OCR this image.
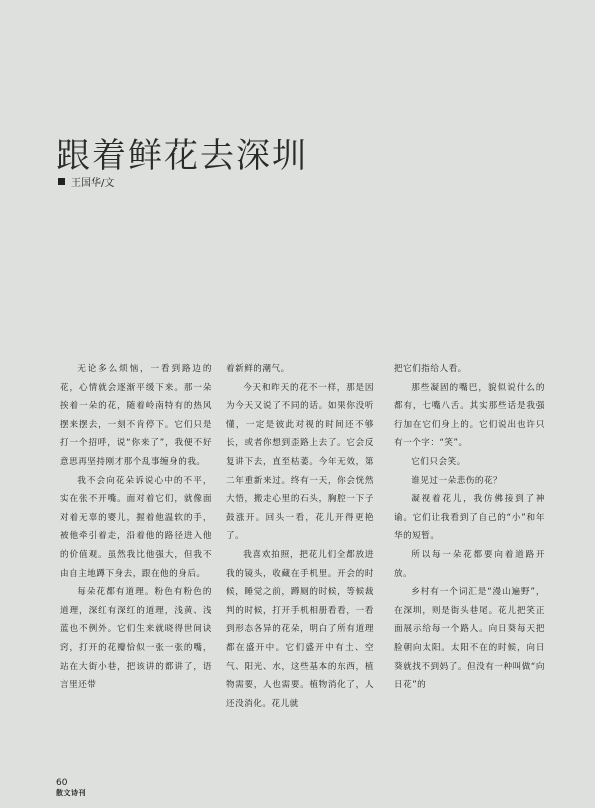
跟着鲜花去深圳
王国华/文

无论多么烦恼，一看到路边的花，心情就会逐渐平缓下来。那一朵挨着一朵的花，随着岭南特有的热风摆来摆去，一刻不肯停下。它们只是打一个招呼，说“你来了”，我便不好意思再坚持刚才那个乱事缠身的我。

我不会向花朵诉说心中的不平，实在张不开嘴。面对着它们，就像面对着无辜的婴儿，握着他温软的手，被他牵引着走，沿着他的路径进入他的价值观。虽然我比他强大，但我不由自主地蹲下身去，跟在他的身后。

每朵花都有道理。粉色有粉色的道理，深红有深红的道理，浅黄、浅蓝也不例外。它们生来就晓得世间诀窍，打开的花瓣恰似一张一张的嘴，站在大街小巷，把该讲的都讲了，语言里还带

着新鲜的潮气。

今天和昨天的花不一样，那是因为今天又说了不同的话。如果你没听懂，一定是彼此对视的时间还不够长，或者你想到歪路上去了。它会反复讲下去，直至枯萎。今年无效，第二年重新来过。终有一天，你会恍然大悟，搬走心里的石头，胸腔一下子鼓涨开。回头一看，花儿开得更艳了。

我喜欢拍照，把花儿们全都放进我的镜头，收藏在手机里。开会的时候，睡觉之前，蹲厕的时候，等候裁判的时候，打开手机相册看看，一看到形态各异的花朵，明白了所有道理都在盛开中。它们盛开中有土、空气、阳光、水，这些基本的东西，植物需要，人也需要。植物消化了，人还没消化。花儿就

把它们指给人看。

那些凝固的嘴巴，貌似说什么的都有，七嘴八舌。其实那些话是我强行加在它们身上的。它们说出也许只有一个字：“笑”。

它们只会笑。

谁见过一朵悲伤的花？

凝视着花儿，我仿佛接到了神谕。它们让我看到了自己的“小”和年华的短暂。

所以每一朵花都要向着道路开放。

乡村有一个词汇是“漫山遍野”，在深圳，则是街头巷尾。花儿把笑正面展示给每一个路人。向日葵每天把脸朝向太阳。太阳不在的时候，向日葵就找不到妈了。但没有一种叫做“向日花”的

60
散文诗刊
